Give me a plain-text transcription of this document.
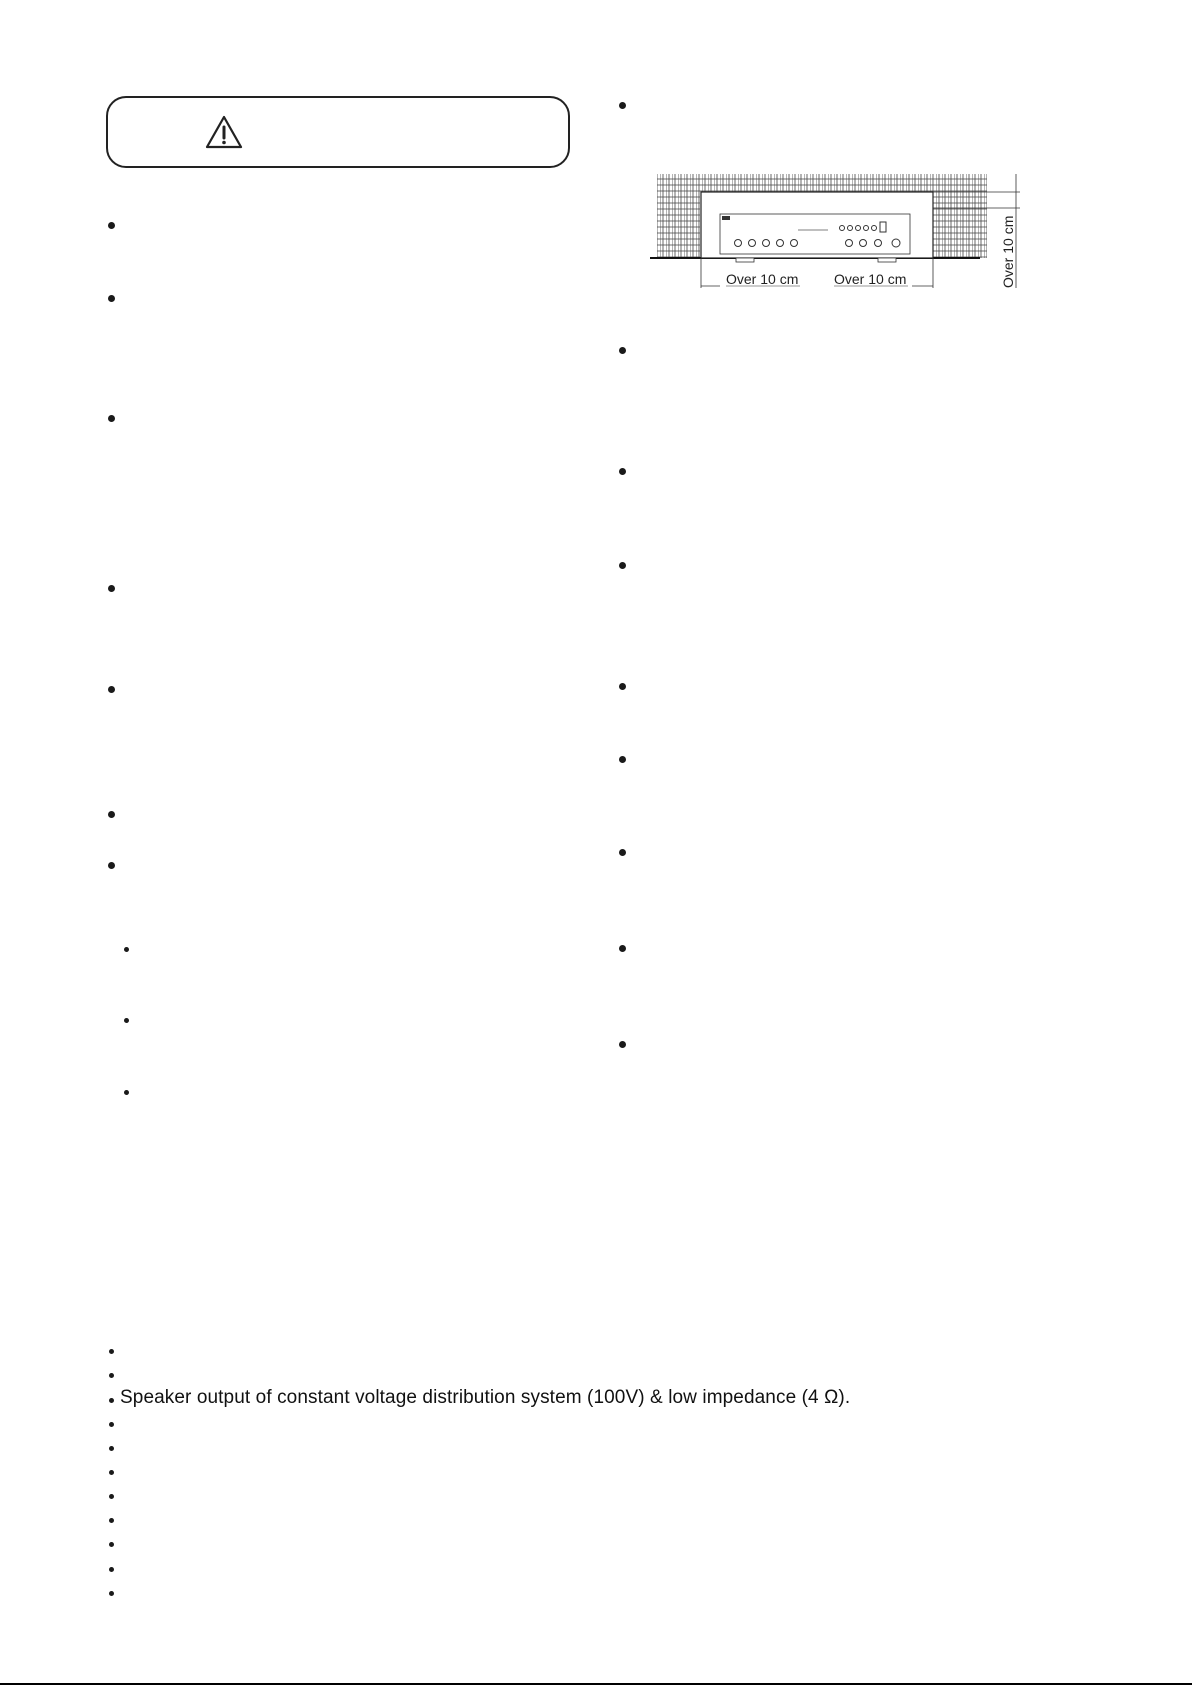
Over 10 cm
Over 10 cm	Over 10 cm
Speaker output of constant voltage distribution system (100V) & low impedance (4 Ω).
